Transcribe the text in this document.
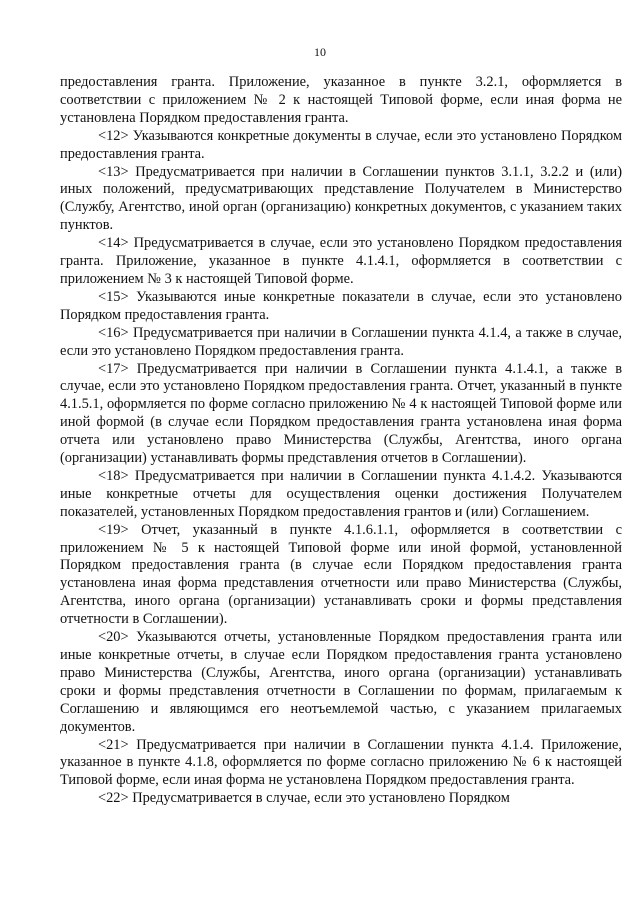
10

предоставления гранта. Приложение, указанное в пункте 3.2.1, оформляется в соответствии с приложением № 2 к настоящей Типовой форме, если иная форма не установлена Порядком предоставления гранта.

<12> Указываются конкретные документы в случае, если это установлено Порядком предоставления гранта.

<13> Предусматривается при наличии в Соглашении пунктов 3.1.1, 3.2.2 и (или) иных положений, предусматривающих представление Получателем в Министерство (Службу, Агентство, иной орган (организацию) конкретных документов, с указанием таких пунктов.

<14> Предусматривается в случае, если это установлено Порядком предоставления гранта. Приложение, указанное в пункте 4.1.4.1, оформляется в соответствии с приложением № 3 к настоящей Типовой форме.

<15> Указываются иные конкретные показатели в случае, если это установлено Порядком предоставления гранта.

<16> Предусматривается при наличии в Соглашении пункта 4.1.4, а также в случае, если это установлено Порядком предоставления гранта.

<17> Предусматривается при наличии в Соглашении пункта 4.1.4.1, а также в случае, если это установлено Порядком предоставления гранта. Отчет, указанный в пункте 4.1.5.1, оформляется по форме согласно приложению № 4 к настоящей Типовой форме или иной формой (в случае если Порядком предоставления гранта установлена иная форма отчета или установлено право Министерства (Службы, Агентства, иного органа (организации) устанавливать формы представления отчетов в Соглашении).

<18> Предусматривается при наличии в Соглашении пункта 4.1.4.2. Указываются иные конкретные отчеты для осуществления оценки достижения Получателем показателей, установленных Порядком предоставления грантов и (или) Соглашением.

<19> Отчет, указанный в пункте 4.1.6.1.1, оформляется в соответствии с приложением № 5 к настоящей Типовой форме или иной формой, установленной Порядком предоставления гранта (в случае если Порядком предоставления гранта установлена иная форма представления отчетности или право Министерства (Службы, Агентства, иного органа (организации) устанавливать сроки и формы представления отчетности в Соглашении).

<20> Указываются отчеты, установленные Порядком предоставления гранта или иные конкретные отчеты, в случае если Порядком предоставления гранта установлено право Министерства (Службы, Агентства, иного органа (организации) устанавливать сроки и формы представления отчетности в Соглашении по формам, прилагаемым к Соглашению и являющимся его неотъемлемой частью, с указанием прилагаемых документов.

<21> Предусматривается при наличии в Соглашении пункта 4.1.4. Приложение, указанное в пункте 4.1.8, оформляется по форме согласно приложению № 6 к настоящей Типовой форме, если иная форма не установлена Порядком предоставления гранта.

<22> Предусматривается в случае, если это установлено Порядком
